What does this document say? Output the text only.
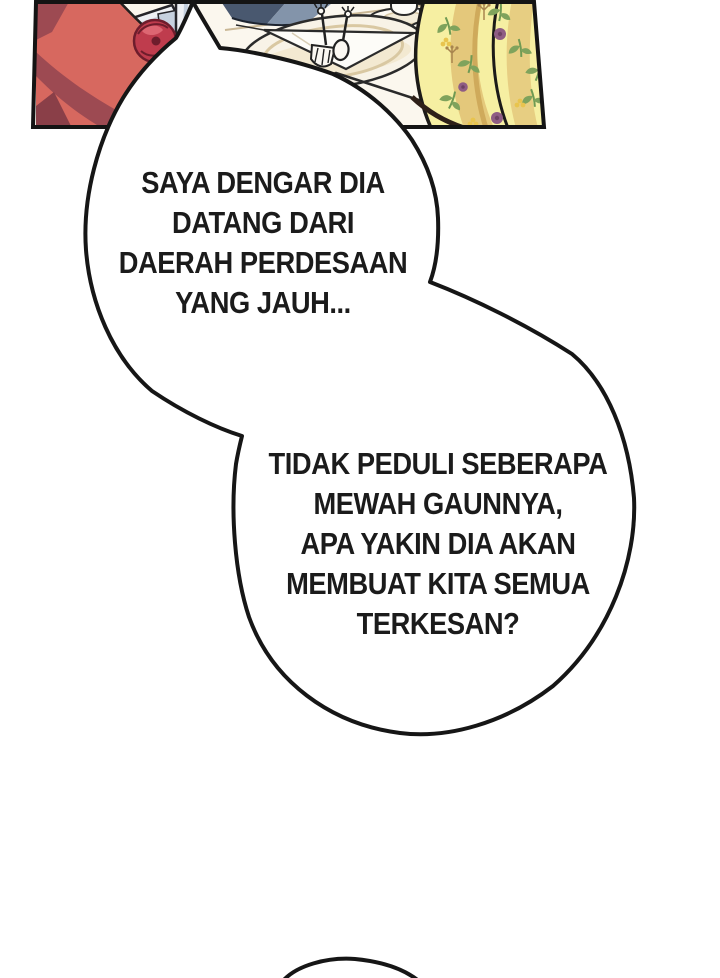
SAYA DENGAR DIA
DATANG DARI
DAERAH PERDESAAN
YANG JAUH...
TIDAK PEDULI SEBERAPA
MEWAH GAUNNYA,
APA YAKIN DIA AKAN
MEMBUAT KITA SEMUA
TERKESAN?
